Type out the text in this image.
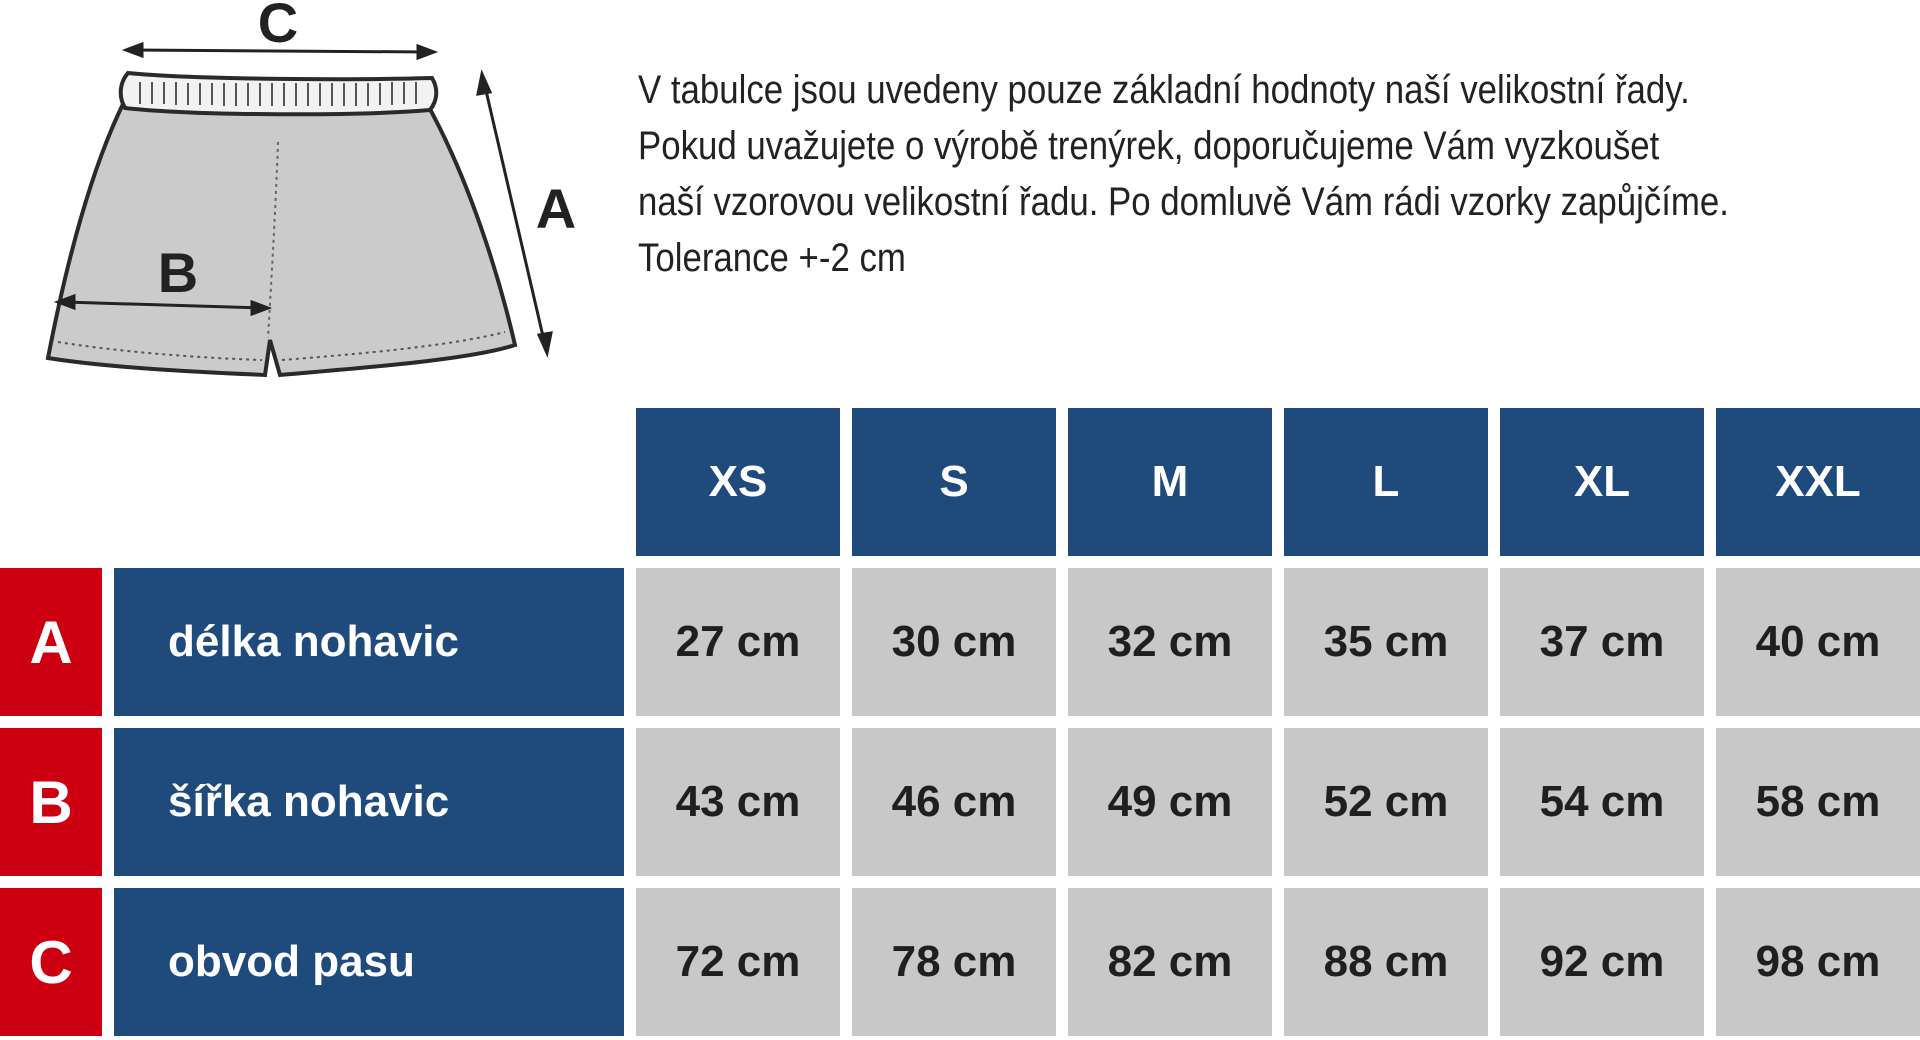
C
A
B
V tabulce jsou uvedeny pouze základní hodnoty naší velikostní řady.
Pokud uvažujete o výrobě trenýrek, doporučujeme Vám vyzkoušet
naší vzorovou velikostní řadu. Po domluvě Vám rádi vzorky zapůjčíme.
Tolerance +-2 cm
XS	S	M	L	XL	XXL
A	délka nohavic	27 cm	30 cm	32 cm	35 cm	37 cm	40 cm
B	šířka nohavic	43 cm	46 cm	49 cm	52 cm	54 cm	58 cm
C	obvod pasu	72 cm	78 cm	82 cm	88 cm	92 cm	98 cm
